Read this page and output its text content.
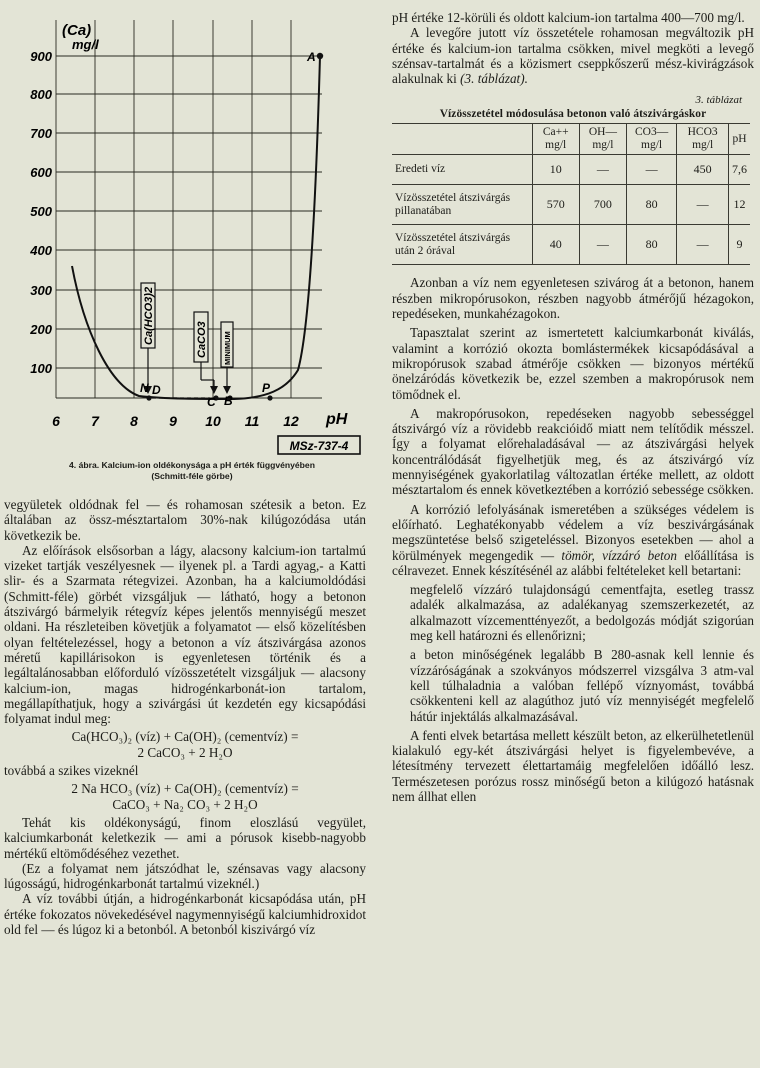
Ca(HCO3)2	CaCO3 MINIMUM
(Ca)
mg/l
900
800
700
600
500
400
300
200
100
6 7 8 9 10 11 12 pH
A
N D
C B
P
MSz-737-4
4. ábra. Kalcium-ion oldékonysága a pH érték függvényében
(Schmitt-féle görbe)

vegyületek oldódnak fel — és rohamosan szétesik a beton. Ez általában az össz-mésztartalom 30%-nak kilúgozódása után következik be.

Az előírások elsősorban a lágy, alacsony kalcium-ion tartalmú vizeket tartják veszélyesnek — ilyenek pl. a Tardi agyag,- a Katti slir- és a Szarmata rétegvizei. Azonban, ha a kalciumoldódási (Schmitt-féle) görbét vizsgáljuk — látható, hogy a betonon átszivárgó bármelyik rétegvíz képes jelentős mennyiségű meszet oldani. Ha részleteiben követjük a folyamatot — első közelítésben olyan feltételezéssel, hogy a betonon a víz átszivárgása azonos méretű kapillárisokon is egyenletesen történik és a legáltalánosabban előforduló vízösszetételt vizsgáljuk — alacsony kalcium-ion, magas hidrogénkarbonát-ion tartalom, megállapíthatjuk, hogy a szivárgási út kezdetén egy kicsapódási folyamat indul meg:

Ca(HCO₃)₂ (víz) + Ca(OH)₂ (cementvíz) =
2 CaCO₃ + 2 H₂O

továbbá a szikes vizeknél

2 Na HCO₃ (víz) + Ca(OH)₂ (cementvíz) =
CaCO₃ + Na₂ CO₃ + 2 H₂O

Tehát kis oldékonyságú, finom eloszlású vegyület, kalciumkarbonát keletkezik — ami a pórusok kisebb-nagyobb mértékű eltömődéséhez vezethet.

(Ez a folyamat nem játszódhat le, szénsavas vagy alacsony lúgosságú, hidrogénkarbonát tartalmú vizeknél.)

A víz további útján, a hidrogénkarbonát kicsapódása után, pH értéke fokozatos növekedésével nagymennyiségű kalciumhidroxidot old fel — és lúgoz ki a betonból. A betonból kiszivárgó víz

pH értéke 12-körüli és oldott kalcium-ion tartalma 400—700 mg/l.

A levegőre jutott víz összetétele rohamosan megváltozik pH értéke és kalcium-ion tartalma csökken, mivel megköti a levegő szénsav-tartalmát és a közismert cseppkőszerű mész-kivirágzások alakulnak ki (3. táblázat).

3. táblázat
Vízösszetétel módosulása betonon való átszivárgáskor
	Ca++ mg/l	OH— mg/l	CO3— mg/l	HCO3 mg/l	pH
Eredeti víz	10	—	—	450	7,6
Vízösszetétel átszivárgás pillanatában	570	700	80	—	12
Vízösszetétel átszivárgás után 2 órával	40	—	80	—	9

Azonban a víz nem egyenletesen szivárog át a betonon, hanem részben mikropórusokon, részben nagyobb átmérőjű hézagokon, repedéseken, munkahézagokon.

Tapasztalat szerint az ismertetett kalciumkarbonát kiválás, valamint a korrózió okozta bomlástermékek kicsapódásával a mikropórusok szabad átmérője csökken — bizonyos mértékű önelzáródás következik be, ezzel szemben a makropórusok nem tömődnek el.

A makropórusokon, repedéseken nagyobb sebességgel átszivárgó víz a rövidebb reakcióidő miatt nem telítődik mésszel. Így a folyamat előrehaladásával — az átszivárgási helyek koncentrálódását figyelhetjük meg, és az átszivárgó víz mennyiségének gyakorlatilag változatlan értéke mellett, az oldott mésztartalom és ennek következtében a korrózió sebessége csökken.

A korrózió lefolyásának ismeretében a szükséges védelem is előírható. Leghatékonyabb védelem a víz beszivárgásának megszüntetése belső szigeteléssel. Bizonyos esetekben — ahol a körülmények megengedik — tömör, vízzáró beton előállítása is célravezet. Ennek készítésénél az alábbi feltételeket kell betartani:

megfelelő vízzáró tulajdonságú cementfajta, esetleg trassz adalék alkalmazása, az adalékanyag szemszerkezetét, az alkalmazott vízcementtényezőt, a bedolgozás módját szigorúan meg kell határozni és ellenőrizni;

a beton minőségének legalább B 280-asnak kell lennie és vízzáróságának a szokványos módszerrel vizsgálva 3 atm-val kell túlhaladnia a valóban fellépő víznyomást, továbbá csökkenteni kell az alagúthoz jutó víz mennyiségét megfelelő hátúr injektálás alkalmazásával.

A fenti elvek betartása mellett készült beton, az elkerülhetetlenül kialakuló egy-két átszivárgási helyet is figyelembevéve, a létesítmény tervezett élettartamáig megfelelően időálló lesz. Természetesen porózus rossz minőségű beton a kilúgozó hatásnak nem állhat ellen
